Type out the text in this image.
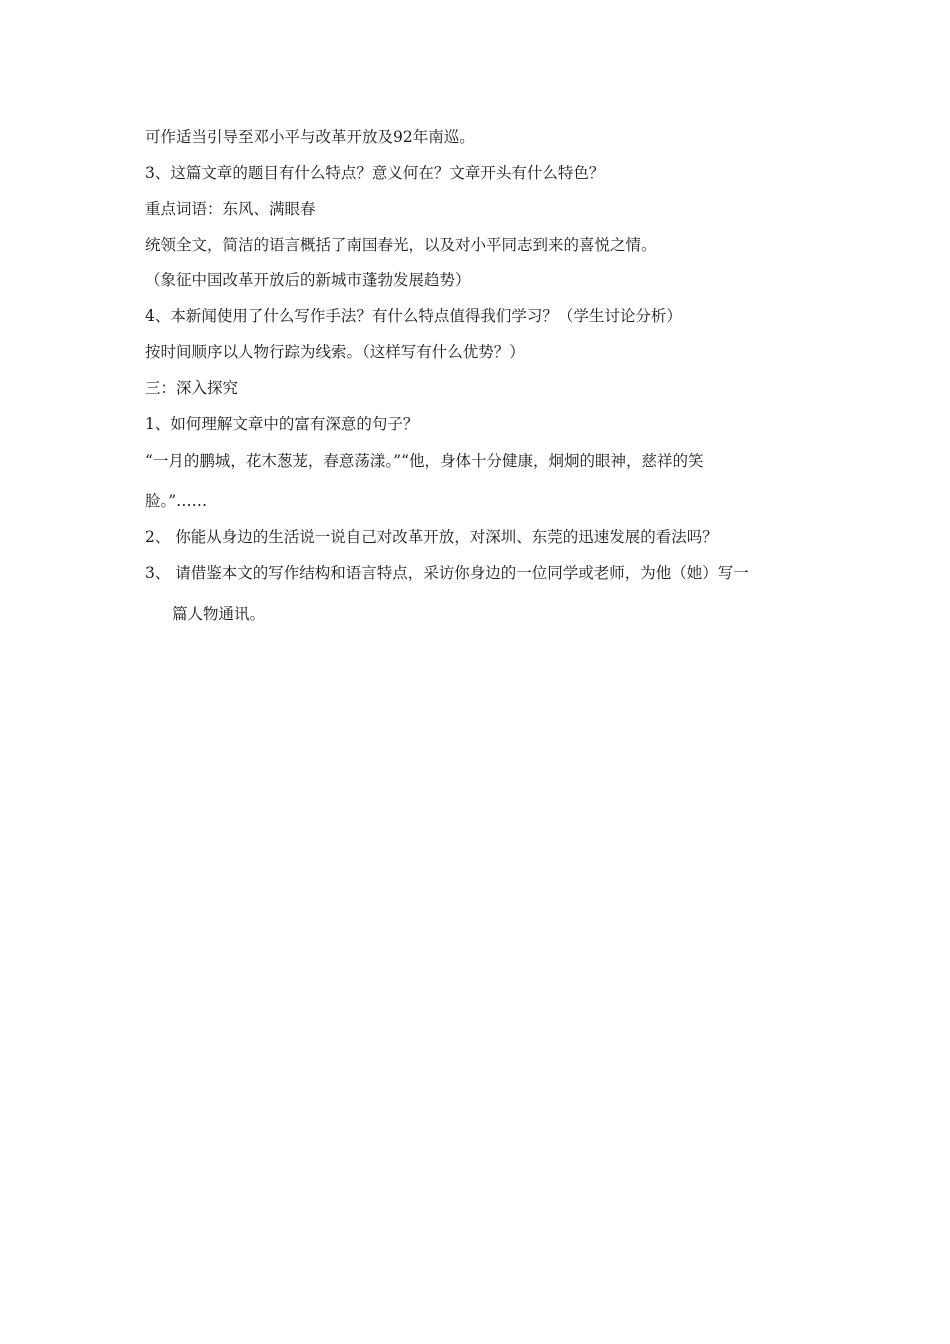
可作适当引导至邓小平与改革开放及92年南巡。
3、这篇文章的题目有什么特点？意义何在？文章开头有什么特色？
重点词语：东风、满眼春
统领全文，简洁的语言概括了南国春光，以及对小平同志到来的喜悦之情。
（象征中国改革开放后的新城市蓬勃发展趋势）
4、本新闻使用了什么写作手法？有什么特点值得我们学习？（学生讨论分析）
按时间顺序以人物行踪为线索。（这样写有什么优势？）
三：深入探究
1、如何理解文章中的富有深意的句子？
“一月的鹏城，花木葱茏，春意荡漾。”“他，身体十分健康，炯炯的眼神，慈祥的笑
脸。”……
2、 你能从身边的生活说一说自己对改革开放，对深圳、东莞的迅速发展的看法吗？
3、 请借鉴本文的写作结构和语言特点，采访你身边的一位同学或老师，为他（她）写一
篇人物通讯。
